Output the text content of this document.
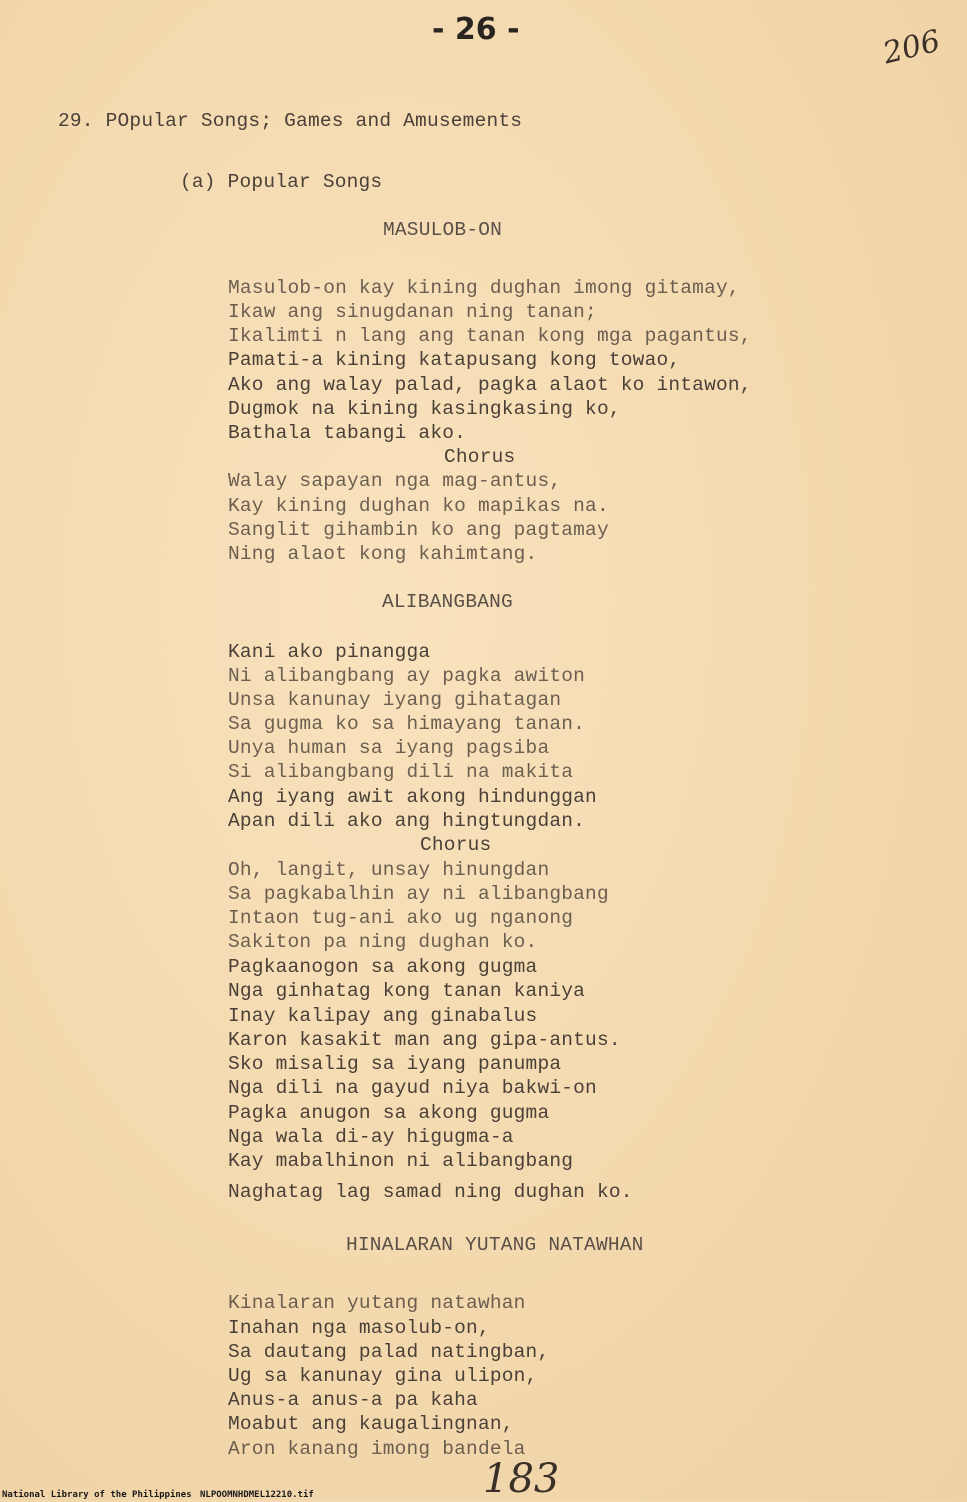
- 26 -	206
29. POpular Songs; Games and Amusements
(a) Popular Songs
MASULOB-ON
Masulob-on kay kining dughan imong gitamay,
Ikaw ang sinugdanan ning tanan;
Ikalimti n lang ang tanan kong mga pagantus,
Pamati-a kining katapusang kong towao,
Ako ang walay palad, pagka alaot ko intawon,
Dugmok na kining kasingkasing ko,
Bathala tabangi ako.
Chorus
Walay sapayan nga mag-antus,
Kay kining dughan ko mapikas na.
Sanglit gihambin ko ang pagtamay
Ning alaot kong kahimtang.
ALIBANGBANG
Kani ako pinangga
Ni alibangbang ay pagka awiton
Unsa kanunay iyang gihatagan
Sa gugma ko sa himayang tanan.
Unya human sa iyang pagsiba
Si alibangbang dili na makita
Ang iyang awit akong hindunggan
Apan dili ako ang hingtungdan.
Chorus
Oh, langit, unsay hinungdan
Sa pagkabalhin ay ni alibangbang
Intaon tug-ani ako ug nganong
Sakiton pa ning dughan ko.
Pagkaanogon sa akong gugma
Nga ginhatag kong tanan kaniya
Inay kalipay ang ginabalus
Karon kasakit man ang gipa-antus.
Sko misalig sa iyang panumpa
Nga dili na gayud niya bakwi-on
Pagka anugon sa akong gugma
Nga wala di-ay higugma-a
Kay mabalhinon ni alibangbang
Naghatag lag samad ning dughan ko.
HINALARAN YUTANG NATAWHAN
Kinalaran yutang natawhan
Inahan nga masolub-on,
Sa dautang palad natingban,
Ug sa kanunay gina ulipon,
Anus-a anus-a pa kaha
Moabut ang kaugalingnan,
Aron kanang imong bandela
183
National Library of the Philippines NLPOOMNHDMEL12210.tif
